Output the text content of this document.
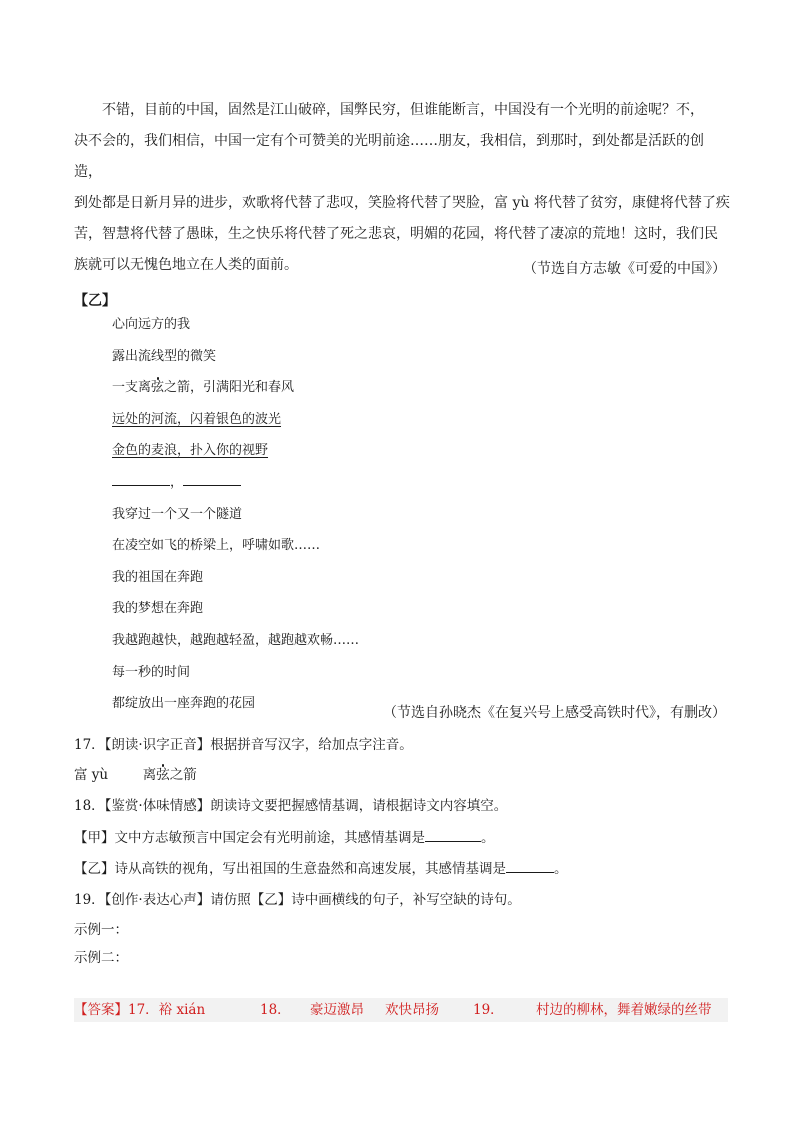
不错，目前的中国，固然是江山破碎，国弊民穷，但谁能断言，中国没有一个光明的前途呢？不，

决不会的，我们相信，中国一定有个可赞美的光明前途……朋友，我相信，到那时，到处都是活跃的创造，

到处都是日新月异的进步，欢歌将代替了悲叹，笑脸将代替了哭脸，富 yù 将代替了贫穷，康健将代替了疾

苦，智慧将代替了愚昧，生之快乐将代替了死之悲哀，明媚的花园，将代替了凄凉的荒地！这时，我们民

族就可以无愧色地立在人类的面前。	（节选自方志敏《可爱的中国》）
【乙】
心向远方的我
露出流线型的微笑
一支离弦之箭，引满阳光和春风
远处的河流，闪着银色的波光
金色的麦浪，扑入你的视野
，
我穿过一个又一个隧道
在凌空如飞的桥梁上，呼啸如歌……
我的祖国在奔跑
我的梦想在奔跑
我越跑越快，越跑越轻盈，越跑越欢畅……
每一秒的时间
都绽放出一座奔跑的花园
（节选自孙晓杰《在复兴号上感受高铁时代》，有删改）
17．【朗读·识字正音】根据拼音写汉字，给加点字注音。
富 yù	离弦之箭
18．【鉴赏·体味情感】朗读诗文要把握感情基调，请根据诗文内容填空。
【甲】文中方志敏预言中国定会有光明前途，其感情基调是	。
【乙】诗从高铁的视角，写出祖国的生意盎然和高速发展，其感情基调是	。
19．【创作·表达心声】请仿照【乙】诗中画横线的句子，补写空缺的诗句。
示例一：
示例二：
【答案】17．裕 xián	18． 豪迈激昂 欢快昂扬	19． 村边的柳林，舞着嫩绿的丝带
